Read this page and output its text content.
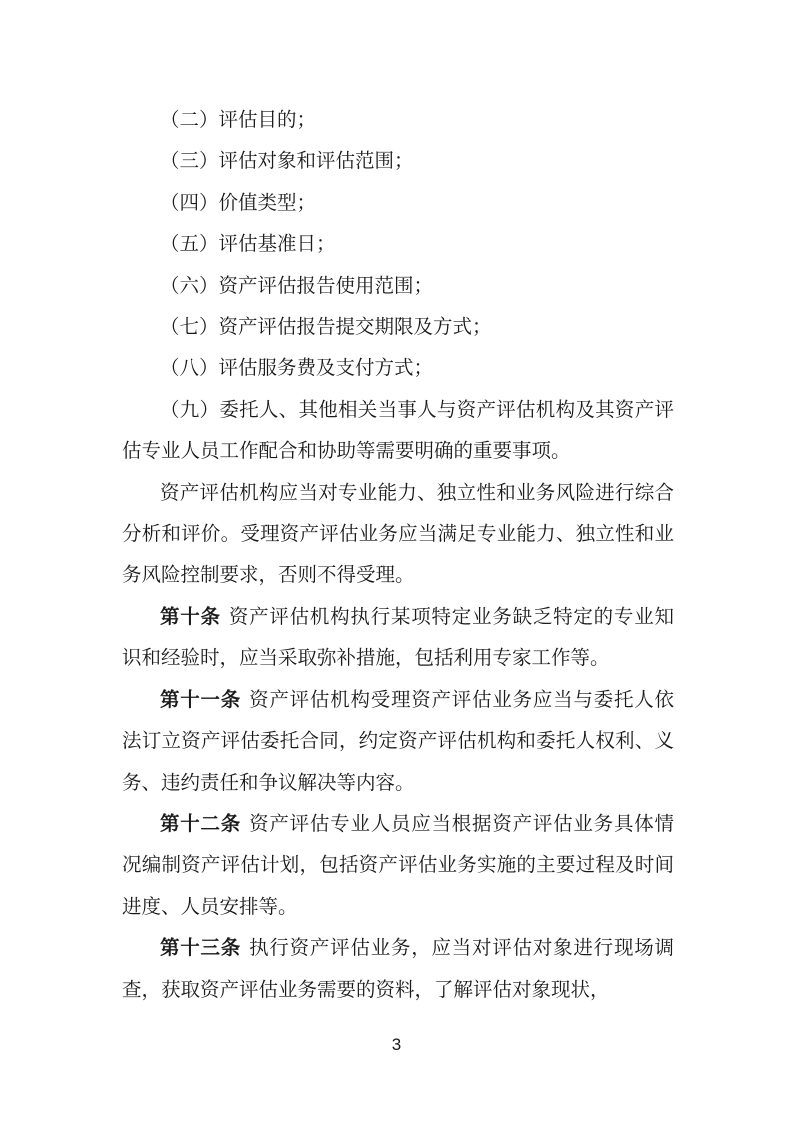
（二）评估目的；

（三）评估对象和评估范围；

（四）价值类型；

（五）评估基准日；

（六）资产评估报告使用范围；

（七）资产评估报告提交期限及方式；

（八）评估服务费及支付方式；

（九）委托人、其他相关当事人与资产评估机构及其资产评估专业人员工作配合和协助等需要明确的重要事项。

资产评估机构应当对专业能力、独立性和业务风险进行综合分析和评价。受理资产评估业务应当满足专业能力、独立性和业务风险控制要求，否则不得受理。

第十条 资产评估机构执行某项特定业务缺乏特定的专业知识和经验时，应当采取弥补措施，包括利用专家工作等。

第十一条 资产评估机构受理资产评估业务应当与委托人依法订立资产评估委托合同，约定资产评估机构和委托人权利、义务、违约责任和争议解决等内容。

第十二条 资产评估专业人员应当根据资产评估业务具体情况编制资产评估计划，包括资产评估业务实施的主要过程及时间进度、人员安排等。

第十三条 执行资产评估业务，应当对评估对象进行现场调查，获取资产评估业务需要的资料，了解评估对象现状，

3
